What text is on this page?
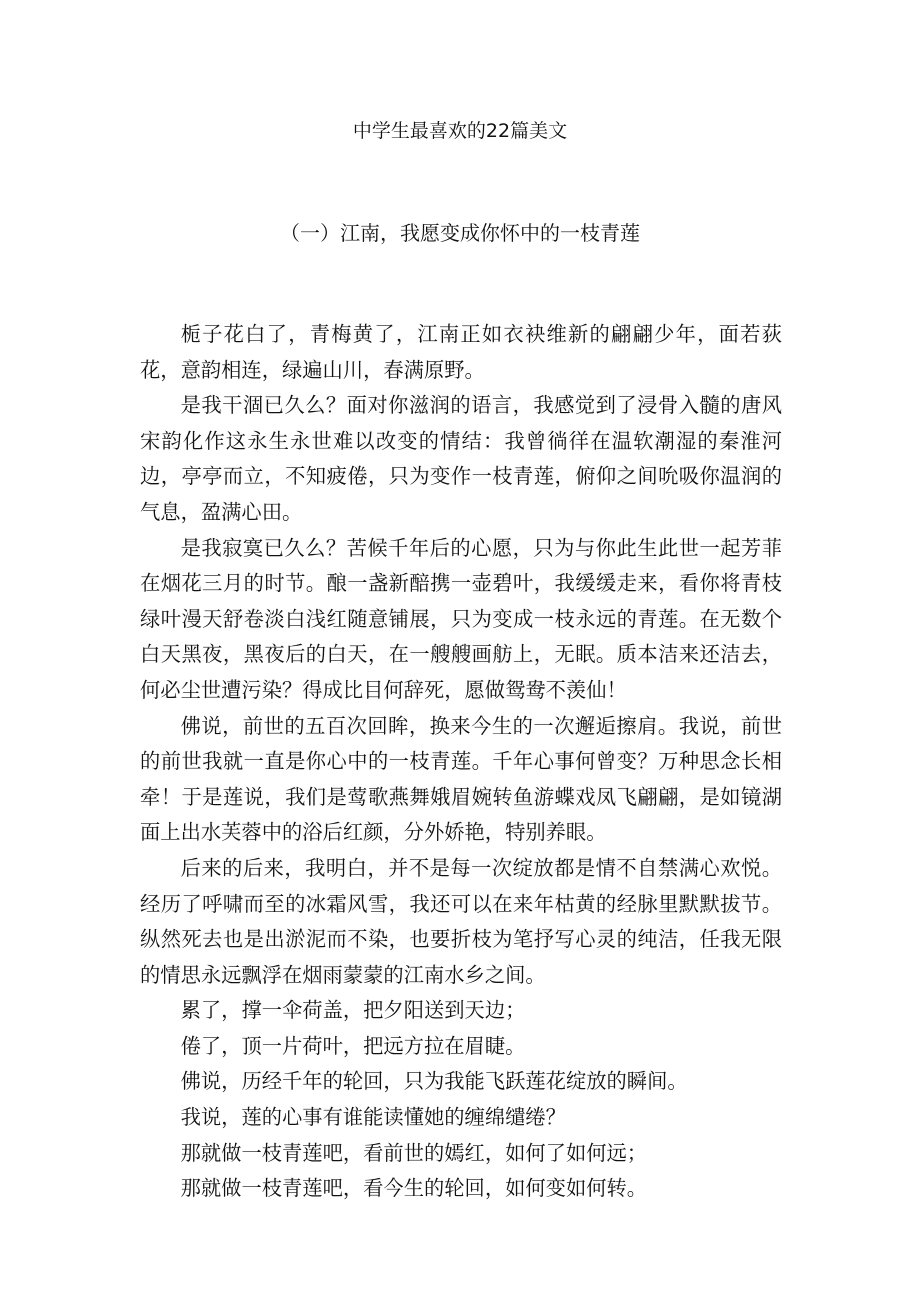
中学生最喜欢的22篇美文
（一）江南，我愿变成你怀中的一枝青莲

栀子花白了，青梅黄了，江南正如衣袂维新的翩翩少年，面若荻花，意韵相连，绿遍山川，春满原野。

是我干涸已久么？面对你滋润的语言，我感觉到了浸骨入髓的唐风宋韵化作这永生永世难以改变的情结：我曾徜徉在温软潮湿的秦淮河边，亭亭而立，不知疲倦，只为变作一枝青莲，俯仰之间吮吸你温润的气息，盈满心田。

是我寂寞已久么？苦候千年后的心愿，只为与你此生此世一起芳菲在烟花三月的时节。酿一盏新醅携一壶碧叶，我缓缓走来，看你将青枝绿叶漫天舒卷淡白浅红随意铺展，只为变成一枝永远的青莲。在无数个白天黑夜，黑夜后的白天，在一艘艘画舫上，无眠。质本洁来还洁去，何必尘世遭污染？得成比目何辞死，愿做鸳鸯不羡仙！

佛说，前世的五百次回眸，换来今生的一次邂逅擦肩。我说，前世的前世我就一直是你心中的一枝青莲。千年心事何曾变？万种思念长相牵！于是莲说，我们是莺歌燕舞娥眉婉转鱼游蝶戏凤飞翩翩，是如镜湖面上出水芙蓉中的浴后红颜，分外娇艳，特别养眼。

后来的后来，我明白，并不是每一次绽放都是情不自禁满心欢悦。经历了呼啸而至的冰霜风雪，我还可以在来年枯黄的经脉里默默拔节。纵然死去也是出淤泥而不染，也要折枝为笔抒写心灵的纯洁，任我无限的情思永远飘浮在烟雨蒙蒙的江南水乡之间。

累了，撑一伞荷盖，把夕阳送到天边；

倦了，顶一片荷叶，把远方拉在眉睫。

佛说，历经千年的轮回，只为我能飞跃莲花绽放的瞬间。

我说，莲的心事有谁能读懂她的缠绵缱绻？

那就做一枝青莲吧，看前世的嫣红，如何了如何远；

那就做一枝青莲吧，看今生的轮回，如何变如何转。
